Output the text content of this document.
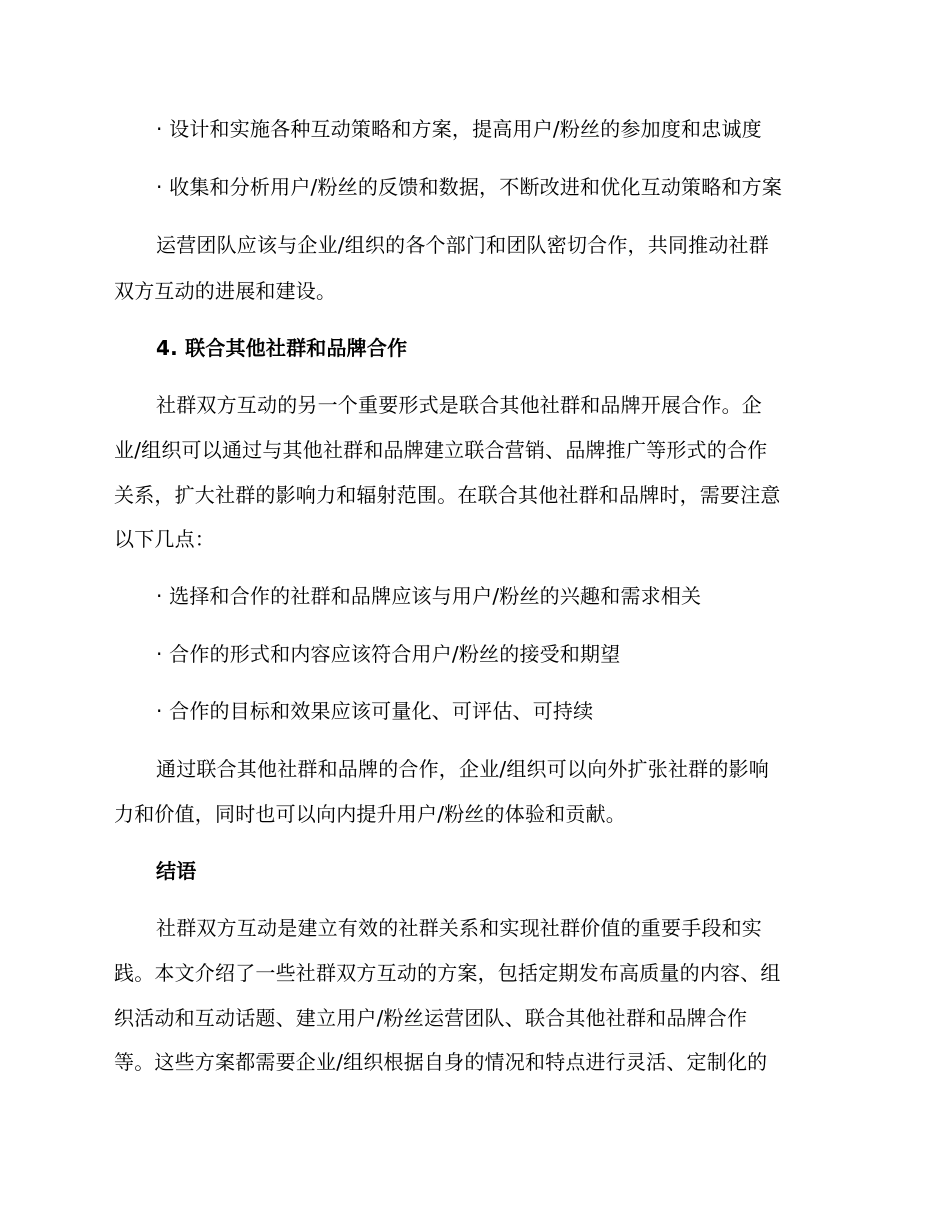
· 设计和实施各种互动策略和方案，提高用户/粉丝的参加度和忠诚度
· 收集和分析用户/粉丝的反馈和数据，不断改进和优化互动策略和方案
运营团队应该与企业/组织的各个部门和团队密切合作，共同推动社群
双方互动的进展和建设。
4. 联合其他社群和品牌合作
社群双方互动的另一个重要形式是联合其他社群和品牌开展合作。企
业/组织可以通过与其他社群和品牌建立联合营销、品牌推广等形式的合作
关系，扩大社群的影响力和辐射范围。在联合其他社群和品牌时，需要注意
以下几点：
· 选择和合作的社群和品牌应该与用户/粉丝的兴趣和需求相关
· 合作的形式和内容应该符合用户/粉丝的接受和期望
· 合作的目标和效果应该可量化、可评估、可持续
通过联合其他社群和品牌的合作，企业/组织可以向外扩张社群的影响
力和价值，同时也可以向内提升用户/粉丝的体验和贡献。
结语
社群双方互动是建立有效的社群关系和实现社群价值的重要手段和实
践。本文介绍了一些社群双方互动的方案，包括定期发布高质量的内容、组
织活动和互动话题、建立用户/粉丝运营团队、联合其他社群和品牌合作
等。这些方案都需要企业/组织根据自身的情况和特点进行灵活、定制化的
